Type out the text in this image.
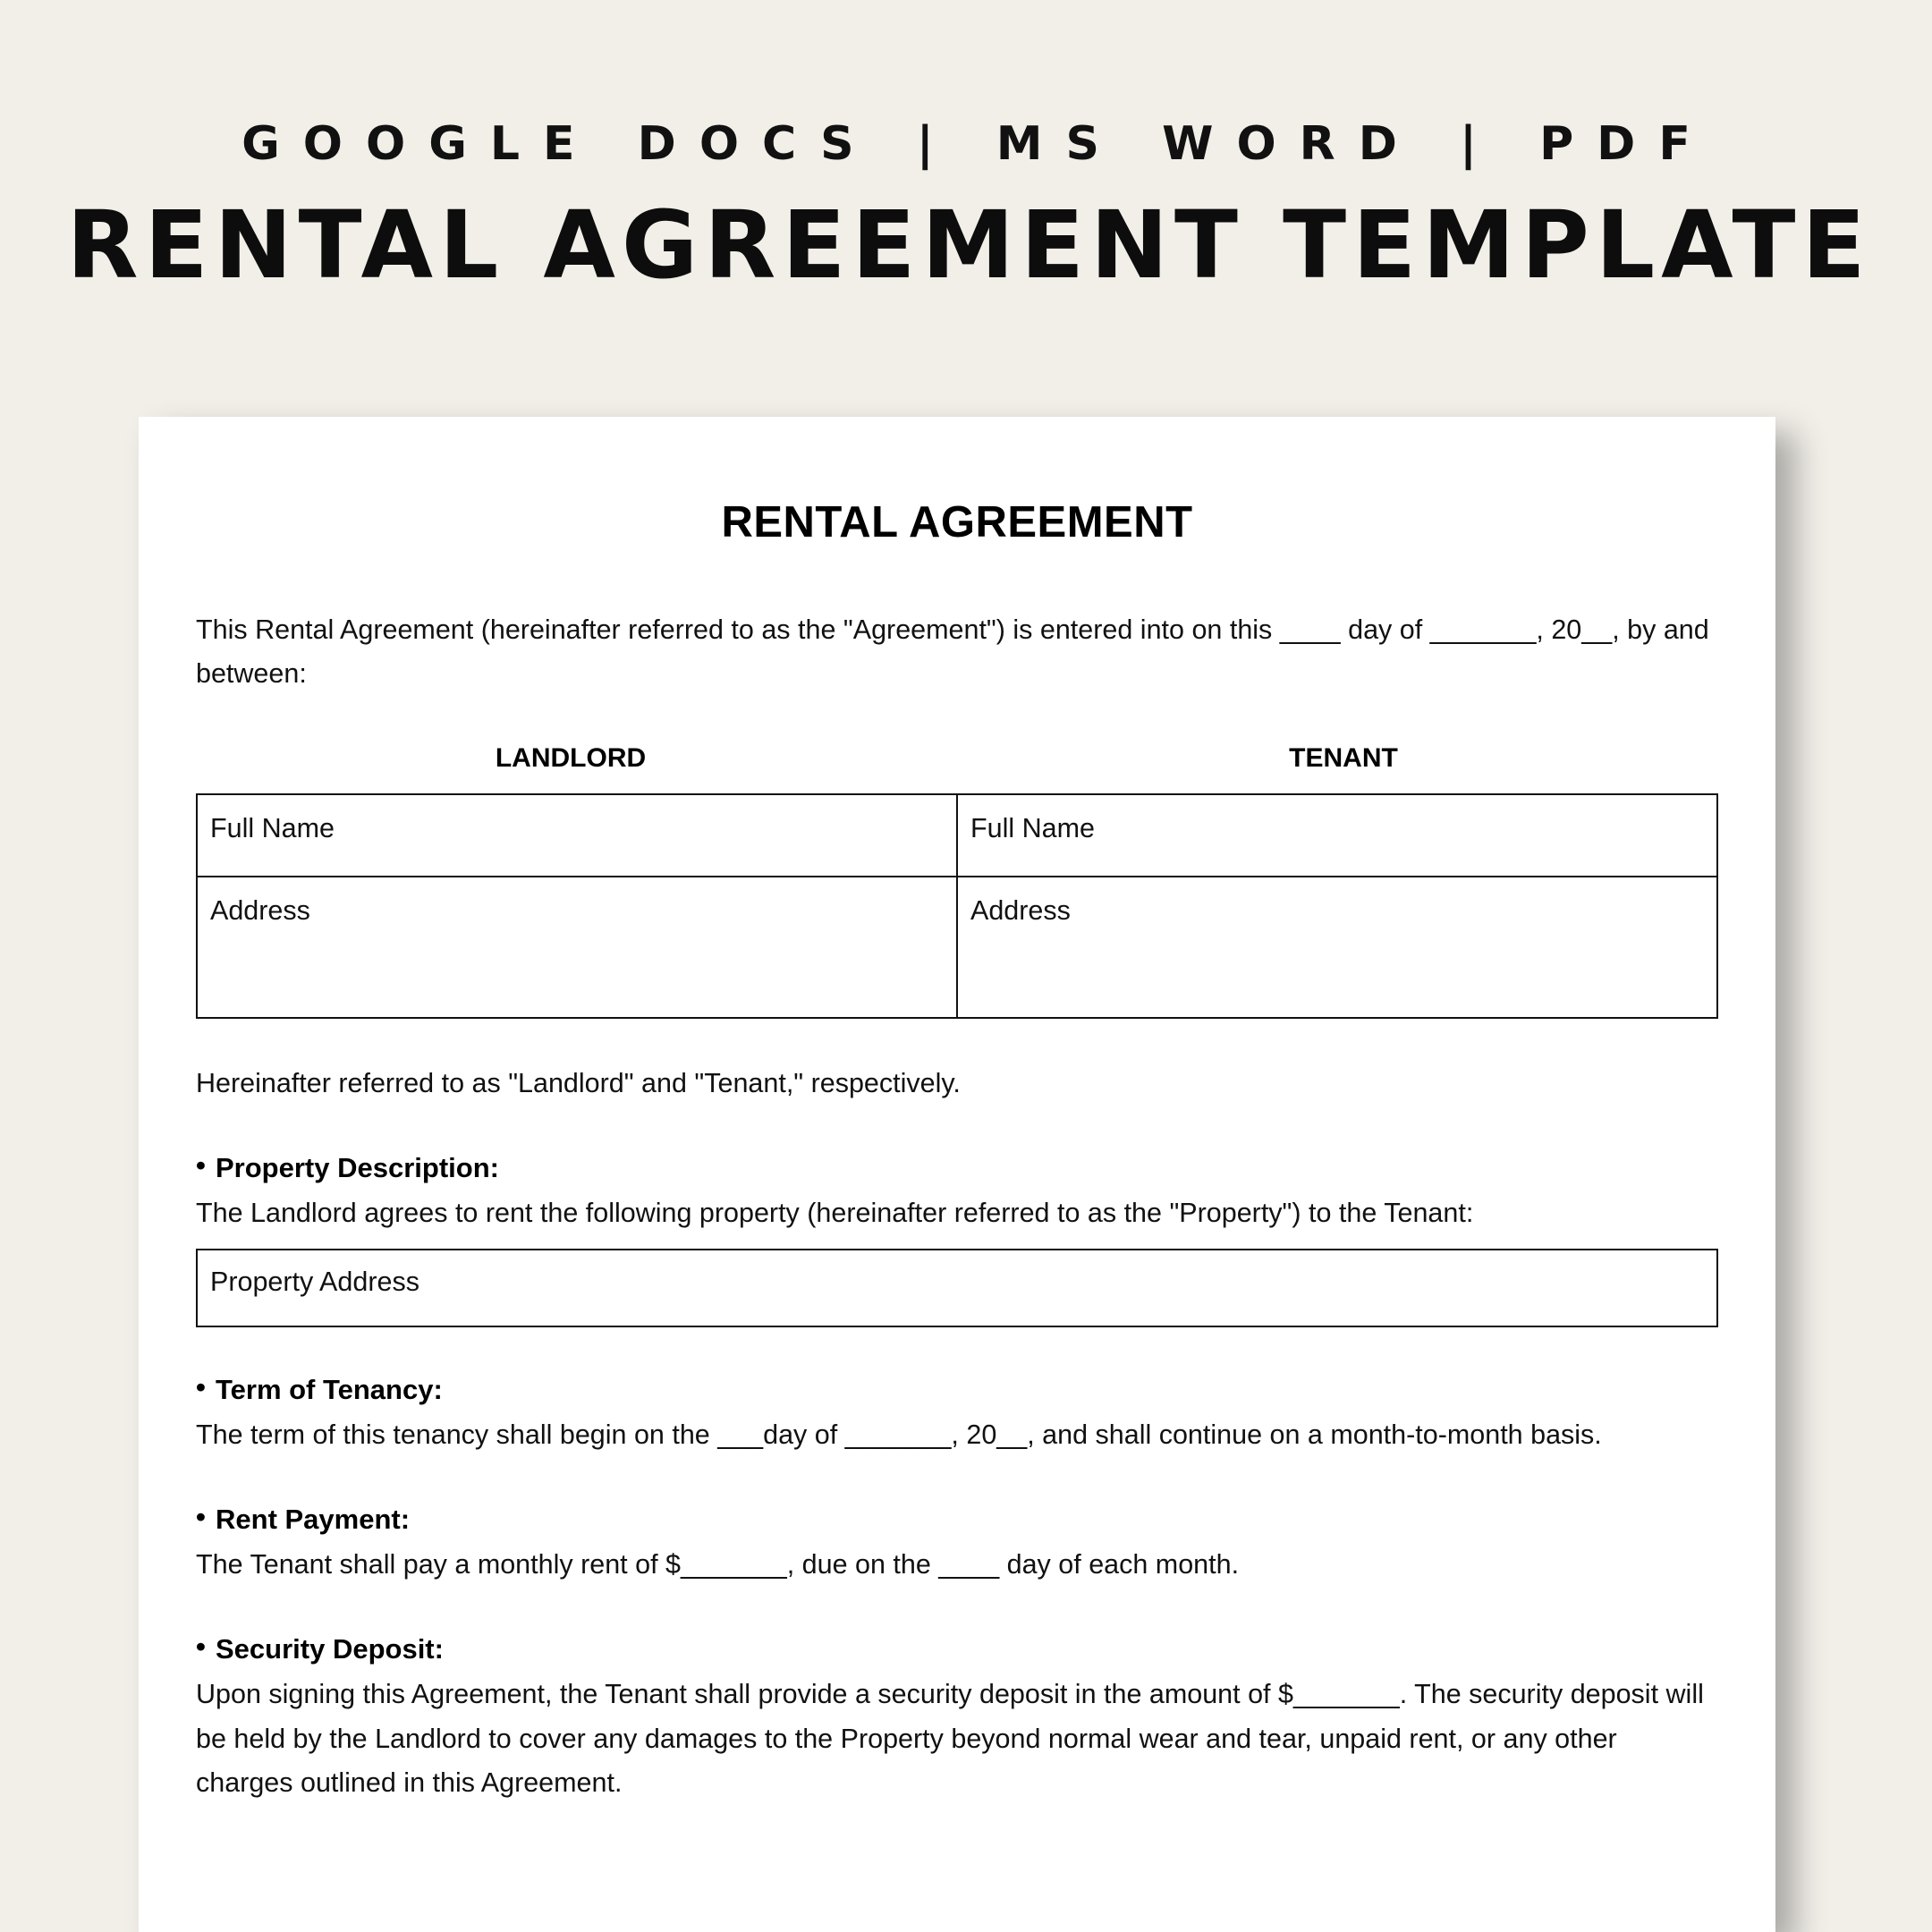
GOOGLE DOCS | MS WORD | PDF
RENTAL AGREEMENT TEMPLATE
RENTAL AGREEMENT

This Rental Agreement (hereinafter referred to as the "Agreement") is entered into on this ____ day of _______, 20__, by and between:

LANDLORD	TENANT
Full Name	Full Name
Address	Address

Hereinafter referred to as "Landlord" and "Tenant," respectively.

• Property Description:

The Landlord agrees to rent the following property (hereinafter referred to as the "Property") to the Tenant:

Property Address

• Term of Tenancy:

The term of this tenancy shall begin on the ___day of _______, 20__, and shall continue on a month-to-month basis.

• Rent Payment:

The Tenant shall pay a monthly rent of $_______, due on the ____ day of each month.

• Security Deposit:

Upon signing this Agreement, the Tenant shall provide a security deposit in the amount of $_______. The security deposit will be held by the Landlord to cover any damages to the Property beyond normal wear and tear, unpaid rent, or any other charges outlined in this Agreement.
